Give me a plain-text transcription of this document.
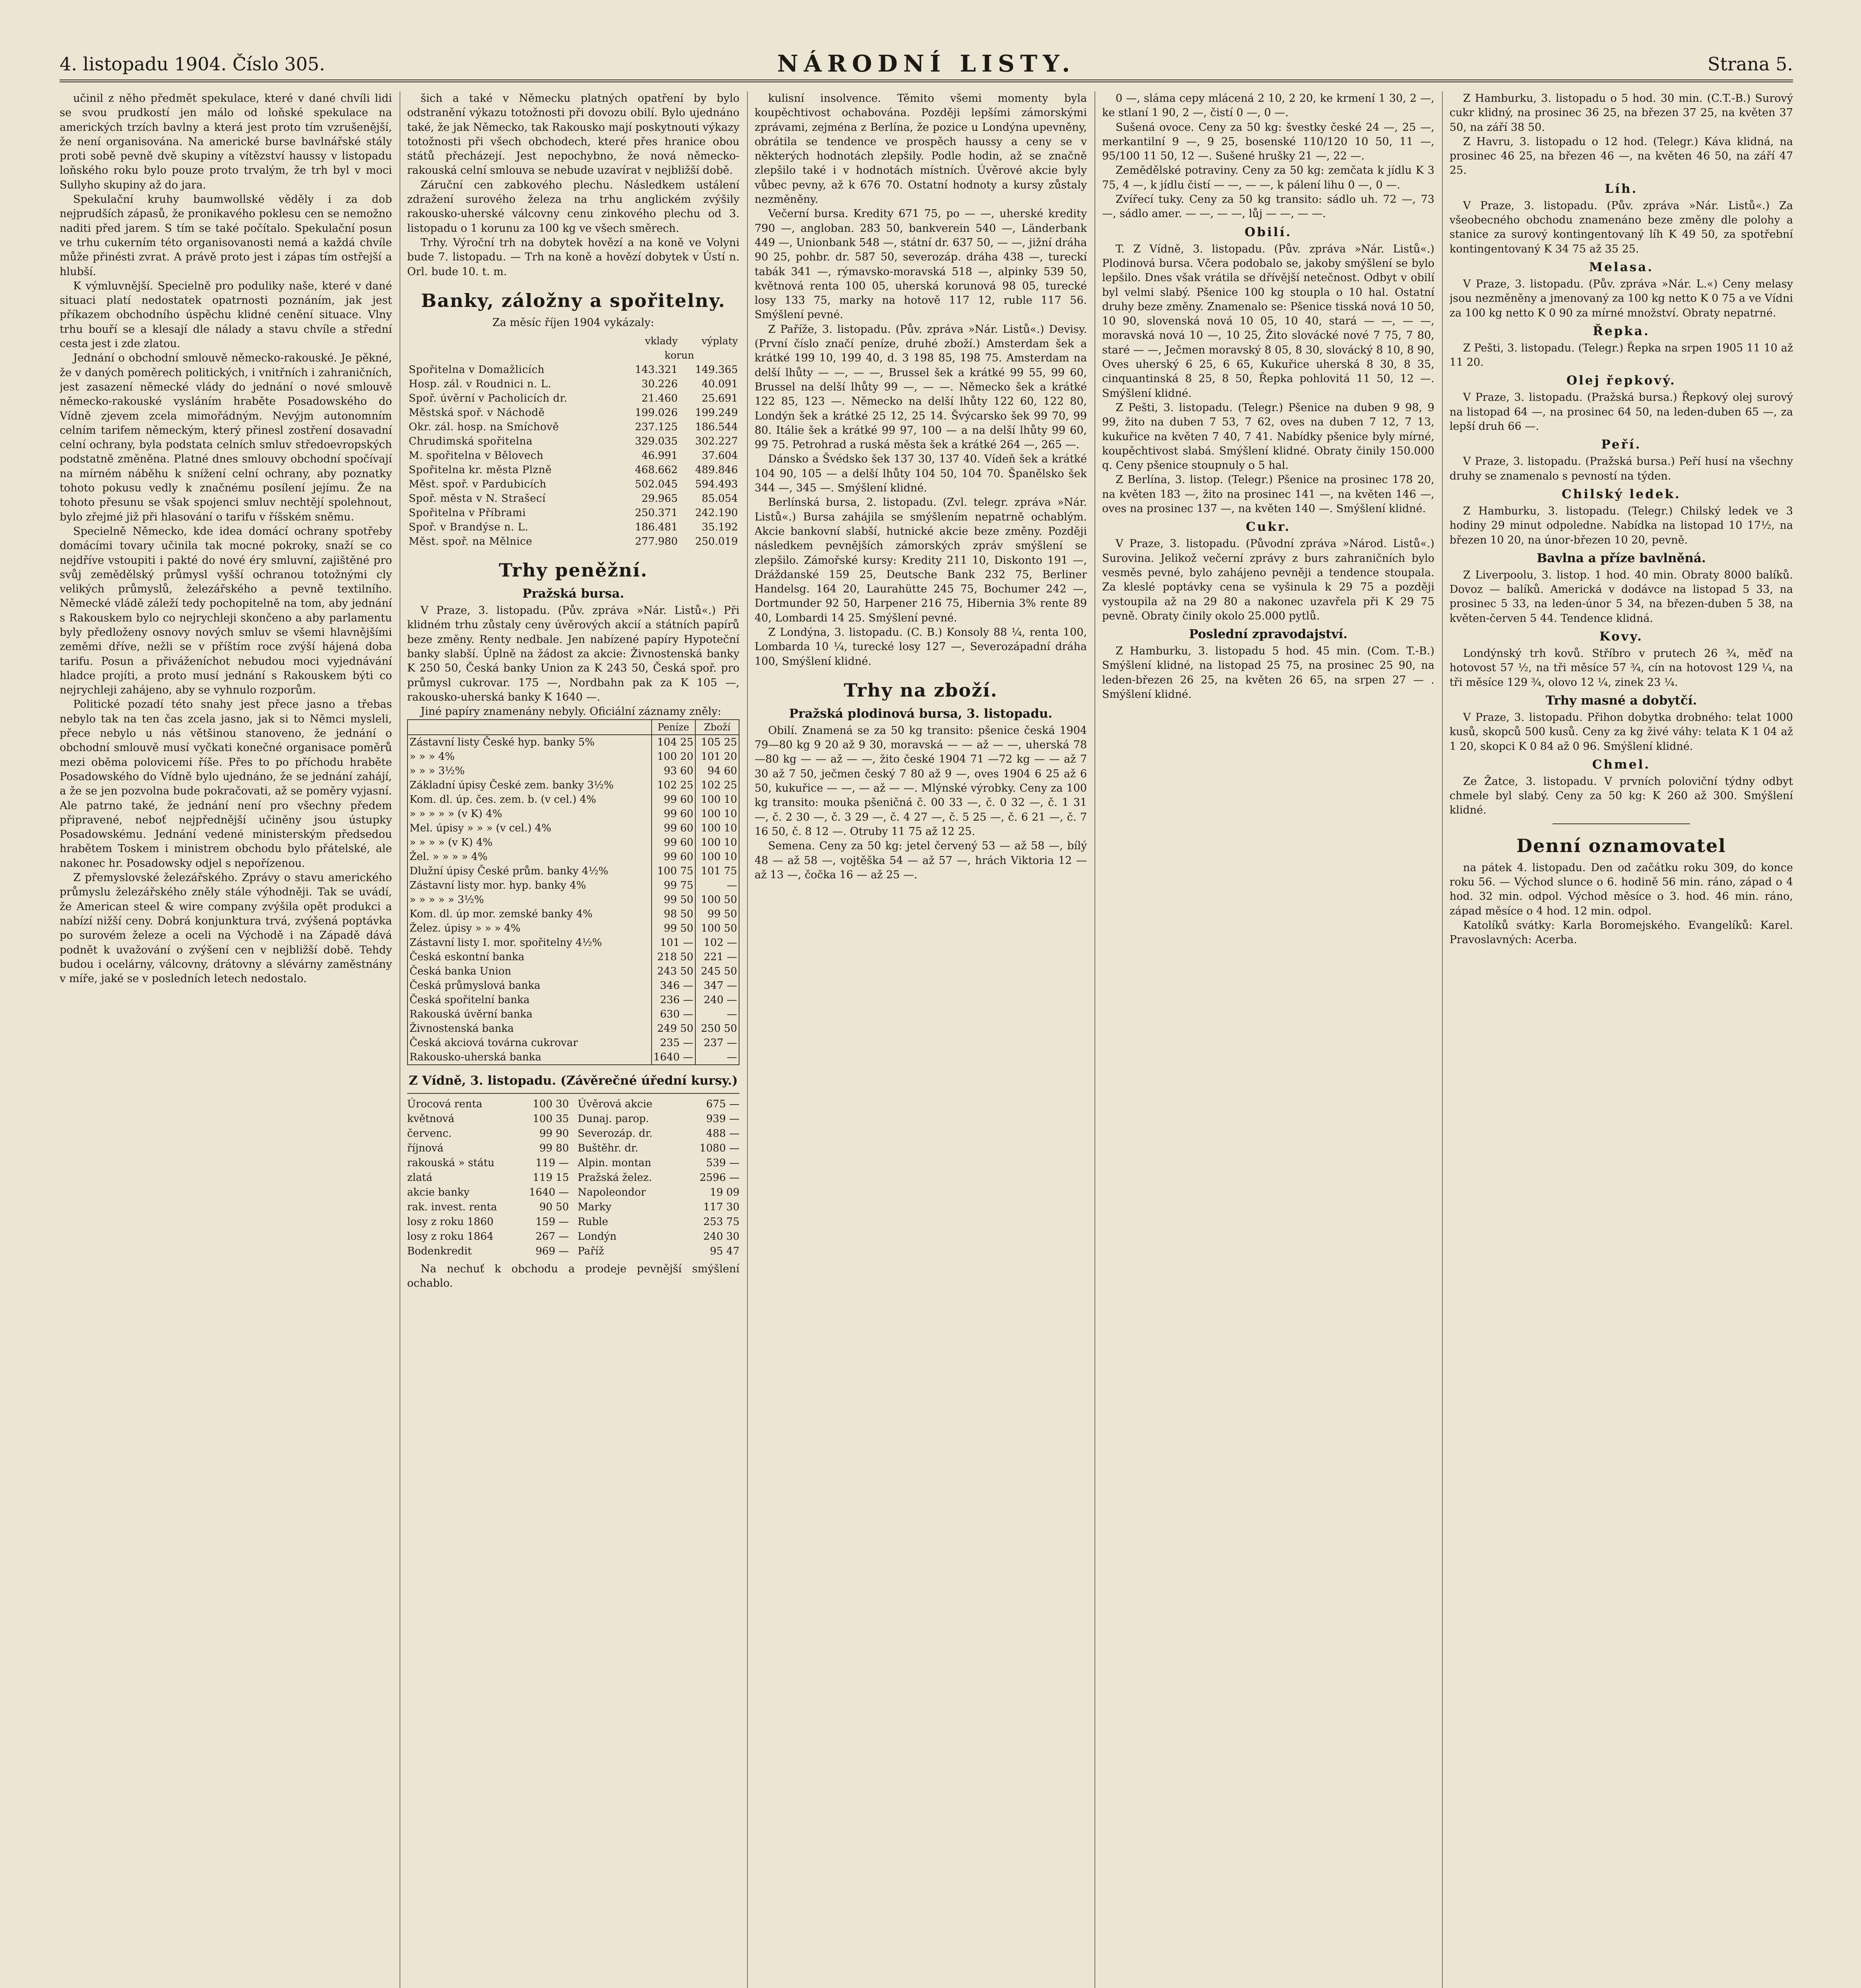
4. listopadu 1904. Číslo 305.	NÁRODNÍ LISTY.	Strana 5.

učinil z něho předmět spekulace, které v dané chvíli lidi se svou prudkostí jen málo od loňské spekulace na amerických trzích bavlny a která jest proto tím vzrušenější, že není organisována. Na americké burse bavlnářské stály proti sobě pevně dvě skupiny a vítězství haussy v listopadu loňského roku bylo pouze proto trvalým, že trh byl v moci Sullyho skupiny až do jara.

Spekulační kruhy baumwollské věděly i za dob nejprudších zápasů, že pronikavého poklesu cen se nemožno naditi před jarem. S tím se také počítalo. Spekulační posun ve trhu cukerním této organisovanosti nemá a každá chvíle může přinésti zvrat. A právě proto jest i zápas tím ostřejší a hlubší.

K výmluvnější. Specielně pro poduliky naše, které v dané situaci platí nedostatek opatrnosti poznáním, jak jest příkazem obchodního úspěchu klidné cenění situace. Vlny trhu bouří se a klesají dle nálady a stavu chvíle a střední cesta jest i zde zlatou.

Jednání o obchodní smlouvě německo-rakouské. Je pěkné, že v daných poměrech politických, i vnitřních i zahraničních, jest zasazení německé vlády do jednání o nové smlouvě německo-rakouské vysláním hraběte Posadowského do Vídně zjevem zcela mimořádným. Nevýjm autonomním celním tarifem německým, který přinesl zostření dosavadní celní ochrany, byla podstata celních smluv středoevropských podstatně změněna. Platné dnes smlouvy obchodní spočívají na mírném náběhu k snížení celní ochrany, aby poznatky tohoto pokusu vedly k značnému posílení jejímu. Že na tohoto přesunu se však spojenci smluv nechtějí spolehnout, bylo zřejmé již při hlasování o tarifu v říšském sněmu.

Specielně Německo, kde idea domácí ochrany spotřeby domácími tovary učinila tak mocné pokroky, snaží se co nejdříve vstoupiti i pakté do nové éry smluvní, zajištěné pro svůj zemědělský průmysl vyšší ochranou totožnými cly velikých průmyslů, železářského a pevně textilního. Německé vládě záleží tedy pochopitelně na tom, aby jednání s Rakouskem bylo co nejrychleji skončeno a aby parlamentu byly předloženy osnovy nových smluv se všemi hlavnějšími zeměmi dříve, nežli se v příštím roce zvýší hájená doba tarifu. Posun a přiváženíchot nebudou moci vyjednávání hladce projíti, a proto musí jednání s Rakouskem býti co nejrychleji zahájeno, aby se vyhnulo rozporům.

Politické pozadí této snahy jest přece jasno a třebas nebylo tak na ten čas zcela jasno, jak si to Němci mysleli, přece nebylo u nás většinou stanoveno, že jednání o obchodní smlouvě musí vyčkati konečné organisace poměrů mezi oběma polovicemi říše. Přes to po příchodu hraběte Posadowského do Vídně bylo ujednáno, že se jednání zahájí, a že se jen pozvolna bude pokračovati, až se poměry vyjasní. Ale patrno také, že jednání není pro všechny předem připravené, neboť nejpřednější učiněny jsou ústupky Posadowskému. Jednání vedené ministerským předsedou hrabětem Toskem i ministrem obchodu bylo přátelské, ale nakonec hr. Posadowsky odjel s nepořízenou.

Z přemyslovské železářského. Zprávy o stavu amerického průmyslu železářského zněly stále výhodněji. Tak se uvádí, že American steel & wire company zvýšila opět produkci a nabízí nižší ceny. Dobrá konjunktura trvá, zvýšená poptávka po surovém železe a oceli na Východě i na Západě dává podnět k uvažování o zvýšení cen v nejbližší době. Tehdy budou i ocelárny, válcovny, drátovny a slévárny zaměstnány v míře, jaké se v posledních letech nedostalo.

šich a také v Německu platných opatření by bylo odstranění výkazu totožnosti při dovozu obilí. Bylo ujednáno také, že jak Německo, tak Rakousko mají poskytnouti výkazy totožnosti při všech obchodech, které přes hranice obou států přecházejí. Jest nepochybno, že nová německo-rakouská celní smlouva se nebude uzavírat v nejbližší době.

Záruční cen zabkového plechu. Následkem ustálení zdražení surového železa na trhu anglickém zvýšily rakousko-uherské válcovny cenu zinkového plechu od 3. listopadu o 1 korunu za 100 kg ve všech směrech.

Trhy. Výroční trh na dobytek hovězí a na koně ve Volyni bude 7. listopadu. — Trh na koně a hovězí dobytek v Ústí n. Orl. bude 10. t. m.

Banky, záložny a spořitelny.
Za měsíc říjen 1904 vykázaly:
	vklady	výplaty
	korun	
Spořitelna v Domažlicích	143.321	149.365
Hosp. zál. v Roudnici n. L.	30.226	40.091
Spoř. úvěrní v Pacholicích dr.	21.460	25.691
Městská spoř. v Náchodě	199.026	199.249
Okr. zál. hosp. na Smíchově	237.125	186.544
Chrudimská spořitelna	329.035	302.227
M. spořitelna v Bělovech	46.991	37.604
Spořitelna kr. města Plzně	468.662	489.846
Měst. spoř. v Pardubicích	502.045	594.493
Spoř. města v N. Strašecí	29.965	85.054
Spořitelna v Příbrami	250.371	242.190
Spoř. v Brandýse n. L.	186.481	35.192
Měst. spoř. na Mělnice	277.980	250.019
Trhy peněžní.
Pražská bursa.

V Praze, 3. listopadu. (Pův. zpráva »Nár. Listů«.) Při klidném trhu zůstaly ceny úvěrových akcií a státních papírů beze změny. Renty nedbale. Jen nabízené papíry Hypoteční banky slabší. Úplně na žádost za akcie: Živnostenská banky K 250 50, Česká banky Union za K 243 50, Česká spoř. pro průmysl cukrovar. 175 —, Nordbahn pak za K 105 —, rakousko-uherská banky K 1640 —.

Jiné papíry znamenány nebyly. Oficiální záznamy zněly:

	Peníze	Zboží
Zástavní listy České hyp. banky 5%	104 25	105 25
» » » 4%	100 20	101 20
» » » 3½%	93 60	94 60
Základní úpisy České zem. banky 3½%	102 25	102 25
Kom. dl. úp. čes. zem. b. (v cel.) 4%	99 60	100 10
» » » » » (v K) 4%	99 60	100 10
Mel. úpisy » » » (v cel.) 4%	99 60	100 10
» » » » (v K) 4%	99 60	100 10
Žel. » » » » 4%	99 60	100 10
Dlužní úpisy České prům. banky 4½%	100 75	101 75
Zástavní listy mor. hyp. banky 4%	99 75	—
» » » » » 3½%	99 50	100 50
Kom. dl. úp mor. zemské banky 4%	98 50	99 50
Želez. úpisy » » » 4%	99 50	100 50
Zástavní listy I. mor. spořitelny 4½%	101 —	102 —
Česká eskontní banka	218 50	221 —
Česká banka Union	243 50	245 50
Česká průmyslová banka	346 —	347 —
Česká spořitelní banka	236 —	240 —
Rakouská úvěrní banka	630 —	—
Živnostenská banka	249 50	250 50
Česká akciová továrna cukrovar	235 —	237 —
Rakousko-uherská banka	1640 —	—
Z Vídně, 3. listopadu. (Závěrečné úřední kursy.)
Úrocová renta	100 30
květnová	100 35
červenc.	99 90
říjnová	99 80
rakouská » státu	119 —
zlatá	119 15
akcie banky	1640 —
rak. invest. renta	90 50
losy z roku 1860	159 —
losy z roku 1864	267 —
Bodenkredit	969 —
Úvěrová akcie	675 —
Dunaj. parop.	939 —
Severozáp. dr.	488 —
Buštěhr. dr.	1080 —
Alpin. montan	539 —
Pražská želez.	2596 —
Napoleondor	19 09
Marky	117 30
Ruble	253 75
Londýn	240 30
Paříž	95 47

Na nechuť k obchodu a prodeje pevnější smýšlení ochablo.

kulisní insolvence. Těmito všemi momenty byla koupěchtivost ochabována. Později lepšími zámorskými zprávami, zejména z Berlína, že pozice u Londýna upevněny, obrátila se tendence ve prospěch haussy a ceny se v některých hodnotách zlepšily. Podle hodin, až se značně zlepšilo také i v hodnotách místních. Úvěrové akcie byly vůbec pevny, až k 676 70. Ostatní hodnoty a kursy zůstaly nezměněny.

Večerní bursa. Kredity 671 75, po — —, uherské kredity 790 —, angloban. 283 50, bankverein 540 —, Länderbank 449 —, Unionbank 548 —, státní dr. 637 50, — —, jižní dráha 90 25, pohbr. dr. 587 50, severozáp. dráha 438 —, tureckí tabák 341 —, rýmavsko-moravská 518 —, alpinky 539 50, květnová renta 100 05, uherská korunová 98 05, turecké losy 133 75, marky na hotově 117 12, ruble 117 56. Smýšlení pevné.

Z Paříže, 3. listopadu. (Pův. zpráva »Nár. Listů«.) Devisy. (První číslo značí peníze, druhé zboží.) Amsterdam šek a krátké 199 10, 199 40, d. 3 198 85, 198 75. Amsterdam na delší lhůty — —, — —, Brussel šek a krátké 99 55, 99 60, Brussel na delší lhůty 99 —, — —. Německo šek a krátké 122 85, 123 —. Německo na delší lhůty 122 60, 122 80, Londýn šek a krátké 25 12, 25 14. Švýcarsko šek 99 70, 99 80. Itálie šek a krátké 99 97, 100 — a na delší lhůty 99 60, 99 75. Petrohrad a ruská města šek a krátké 264 —, 265 —.

Dánsko a Švédsko šek 137 30, 137 40. Vídeň šek a krátké 104 90, 105 — a delší lhůty 104 50, 104 70. Španělsko šek 344 —, 345 —. Smýšlení klidné.

Berlínská bursa, 2. listopadu. (Zvl. telegr. zpráva »Nár. Listů«.) Bursa zahájila se smýšlením nepatrně ochablým. Akcie bankovní slabší, hutnické akcie beze změny. Později následkem pevnějších zámorských zpráv smýšlení se zlepšilo. Zámořské kursy: Kredity 211 10, Diskonto 191 —, Dráždanské 159 25, Deutsche Bank 232 75, Berliner Handelsg. 164 20, Laurahütte 245 75, Bochumer 242 —, Dortmunder 92 50, Harpener 216 75, Hibernia 3% rente 89 40, Lombardi 14 25. Smýšlení pevné.

Z Londýna, 3. listopadu. (C. B.) Konsoly 88 ¼, renta 100, Lombarda 10 ¼, turecké losy 127 —, Severozápadní dráha 100, Smýšlení klidné.

Trhy na zboží.
Pražská plodinová bursa, 3. listopadu.

Obilí. Znamená se za 50 kg transito: pšenice česká 1904 79—80 kg 9 20 až 9 30, moravská — — až — —, uherská 78—80 kg — — až — —, žito české 1904 71 —72 kg — — až 7 30 až 7 50, ječmen český 7 80 až 9 —, oves 1904 6 25 až 6 50, kukuřice — —, — až — —. Mlýnské výrobky. Ceny za 100 kg transito: mouka pšeničná č. 00 33 —, č. 0 32 —, č. 1 31 —, č. 2 30 —, č. 3 29 —, č. 4 27 —, č. 5 25 —, č. 6 21 —, č. 7 16 50, č. 8 12 —. Otruby 11 75 až 12 25.

Semena. Ceny za 50 kg: jetel červený 53 — až 58 —, bílý 48 — až 58 —, vojtěška 54 — až 57 —, hrách Viktoria 12 — až 13 —, čočka 16 — až 25 —.

0 —, sláma cepy mlácená 2 10, 2 20, ke krmení 1 30, 2 —, ke stlaní 1 90, 2 —, čistí 0 —, 0 —.

Sušená ovoce. Ceny za 50 kg: švestky české 24 —, 25 —, merkantilní 9 —, 9 25, bosenské 110/120 10 50, 11 —, 95/100 11 50, 12 —. Sušené hrušky 21 —, 22 —.

Zemědělské potraviny. Ceny za 50 kg: zemčata k jídlu K 3 75, 4 —, k jídlu čistí — —, — —, k pálení lihu 0 —, 0 —.

Zvířecí tuky. Ceny za 50 kg transito: sádlo uh. 72 —, 73 —, sádlo amer. — —, — —, lůj — —, — —.

Obilí.

T. Z Vídně, 3. listopadu. (Pův. zpráva »Nár. Listů«.) Plodinová bursa. Včera podobalo se, jakoby smýšlení se bylo lepšilo. Dnes však vrátila se dřívější netečnost. Odbyt v obilí byl velmi slabý. Pšenice 100 kg stoupla o 10 hal. Ostatní druhy beze změny. Znamenalo se: Pšenice tisská nová 10 50, 10 90, slovenská nová 10 05, 10 40, stará — —, — —, moravská nová 10 —, 10 25, Žito slovácké nové 7 75, 7 80, staré — —, Ječmen moravský 8 05, 8 30, slovácký 8 10, 8 90, Oves uherský 6 25, 6 65, Kukuřice uherská 8 30, 8 35, cinquantinská 8 25, 8 50, Řepka pohlovitá 11 50, 12 —. Smýšlení klidné.

Z Pešti, 3. listopadu. (Telegr.) Pšenice na duben 9 98, 9 99, žito na duben 7 53, 7 62, oves na duben 7 12, 7 13, kukuřice na květen 7 40, 7 41. Nabídky pšenice byly mírné, koupěchtivost slabá. Smýšlení klidné. Obraty činily 150.000 q. Ceny pšenice stoupnuly o 5 hal.

Z Berlína, 3. listop. (Telegr.) Pšenice na prosinec 178 20, na květen 183 —, žito na prosinec 141 —, na květen 146 —, oves na prosinec 137 —, na květen 140 —. Smýšlení klidné.

Cukr.

V Praze, 3. listopadu. (Původní zpráva »Národ. Listů«.) Surovina. Jelikož večerní zprávy z burs zahraničních bylo vesměs pevné, bylo zahájeno pevněji a tendence stoupala. Za kleslé poptávky cena se vyšinula k 29 75 a později vystoupila až na 29 80 a nakonec uzavřela při K 29 75 pevně. Obraty činily okolo 25.000 pytlů.

Poslední zpravodajství.

Z Hamburku, 3. listopadu 5 hod. 45 min. (Com. T.-B.) Smýšlení klidné, na listopad 25 75, na prosinec 25 90, na leden-březen 26 25, na květen 26 65, na srpen 27 — . Smýšlení klidné.

Z Hamburku, 3. listopadu o 5 hod. 30 min. (C.T.-B.) Surový cukr klidný, na prosinec 36 25, na březen 37 25, na květen 37 50, na září 38 50.

Z Havru, 3. listopadu o 12 hod. (Telegr.) Káva klidná, na prosinec 46 25, na březen 46 —, na květen 46 50, na září 47 25.

Líh.

V Praze, 3. listopadu. (Pův. zpráva »Nár. Listů«.) Za všeobecného obchodu znamenáno beze změny dle polohy a stanice za surový kontingentovaný líh K 49 50, za spotřební kontingentovaný K 34 75 až 35 25.

Melasa.

V Praze, 3. listopadu. (Pův. zpráva »Nár. L.«) Ceny melasy jsou nezměněny a jmenovaný za 100 kg netto K 0 75 a ve Vídni za 100 kg netto K 0 90 za mírné množství. Obraty nepatrné.

Řepka.

Z Pešti, 3. listopadu. (Telegr.) Řepka na srpen 1905 11 10 až 11 20.

Olej řepkový.

V Praze, 3. listopadu. (Pražská bursa.) Řepkový olej surový na listopad 64 —, na prosinec 64 50, na leden-duben 65 —, za lepší druh 66 —.

Peří.

V Praze, 3. listopadu. (Pražská bursa.) Peří husí na všechny druhy se znamenalo s pevností na týden.

Chilský ledek.

Z Hamburku, 3. listopadu. (Telegr.) Chilský ledek ve 3 hodiny 29 minut odpoledne. Nabídka na listopad 10 17½, na březen 10 20, na únor-březen 10 20, pevně.

Bavlna a příze bavlněná.

Z Liverpoolu, 3. listop. 1 hod. 40 min. Obraty 8000 balíků. Dovoz — balíků. Americká v dodávce na listopad 5 33, na prosinec 5 33, na leden-únor 5 34, na březen-duben 5 38, na květen-červen 5 44. Tendence klidná.

Kovy.

Londýnský trh kovů. Stříbro v prutech 26 ¾, měď na hotovost 57 ½, na tři měsíce 57 ¾, cín na hotovost 129 ¼, na tři měsíce 129 ¾, olovo 12 ¼, zinek 23 ¼.

Trhy masné a dobytčí.

V Praze, 3. listopadu. Přihon dobytka drobného: telat 1000 kusů, skopců 500 kusů. Ceny za kg živé váhy: telata K 1 04 až 1 20, skopci K 0 84 až 0 96. Smýšlení klidné.

Chmel.

Ze Žatce, 3. listopadu. V prvních poloviční týdny odbyt chmele byl slabý. Ceny za 50 kg: K 260 až 300. Smýšlení klidné.

Denní oznamovatel

na pátek 4. listopadu. Den od začátku roku 309, do konce roku 56. — Východ slunce o 6. hodině 56 min. ráno, západ o 4 hod. 32 min. odpol. Východ měsíce o 3. hod. 46 min. ráno, západ měsíce o 4 hod. 12 min. odpol.

Katolíků svátky: Karla Boromejského. Evangelíků: Karel. Pravoslavných: Acerba.
